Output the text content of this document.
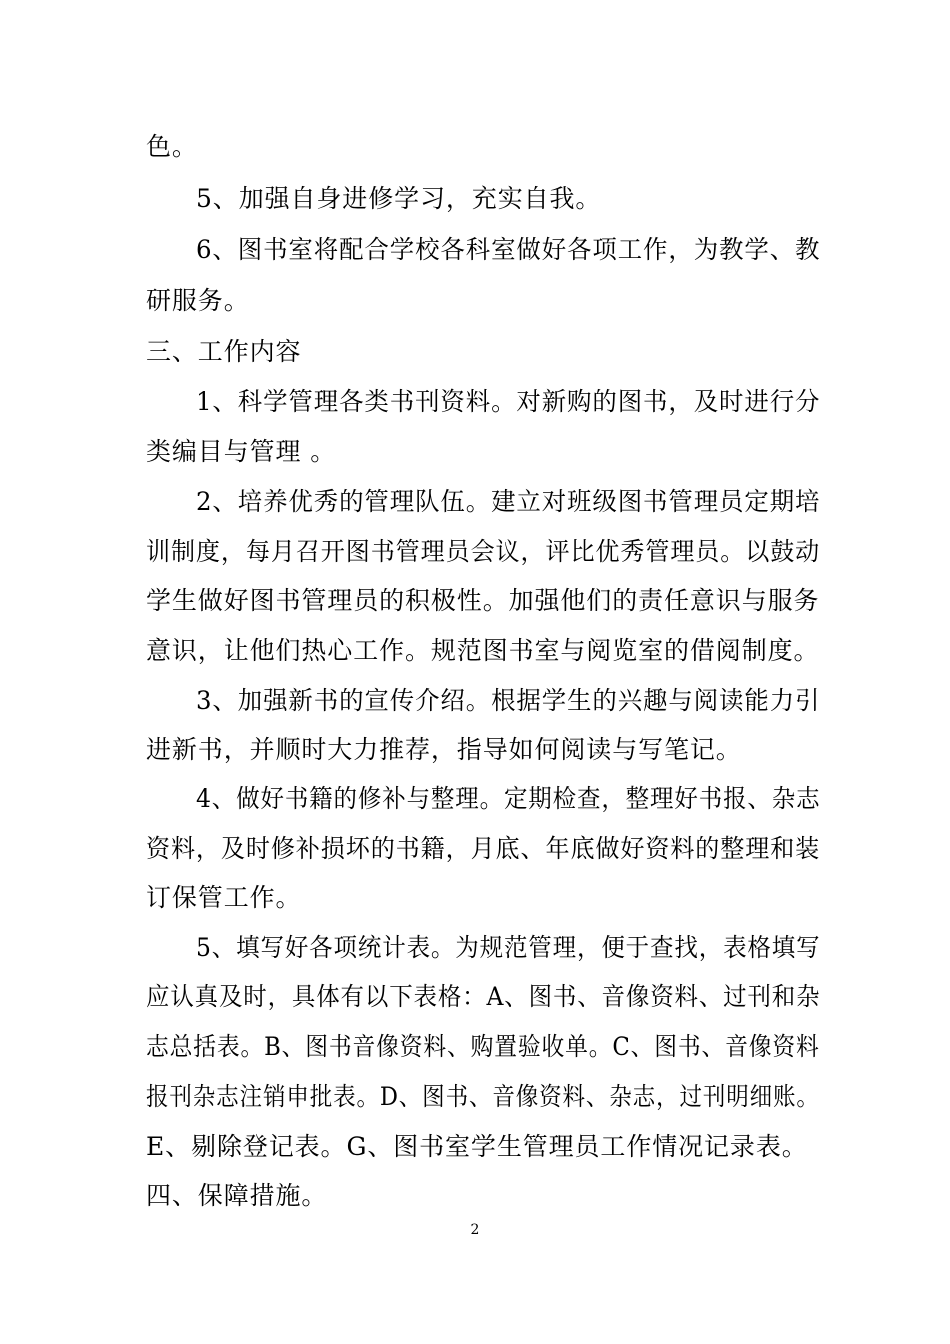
色。
5、加强自身进修学习，充实自我。
6、图书室将配合学校各科室做好各项工作，为教学、教
研服务。
三、工作内容
1、科学管理各类书刊资料。对新购的图书，及时进行分
类编目与管理 。
2、培养优秀的管理队伍。建立对班级图书管理员定期培
训制度，每月召开图书管理员会议，评比优秀管理员。以鼓动
学生做好图书管理员的积极性。加强他们的责任意识与服务
意识，让他们热心工作。规范图书室与阅览室的借阅制度。
3、加强新书的宣传介绍。根据学生的兴趣与阅读能力引
进新书，并顺时大力推荐，指导如何阅读与写笔记。
4、做好书籍的修补与整理。定期检查，整理好书报、杂志
资料，及时修补损坏的书籍，月底、年底做好资料的整理和装
订保管工作。
5、填写好各项统计表。为规范管理，便于查找，表格填写
应认真及时，具体有以下表格：A、图书、音像资料、过刊和杂
志总括表。B、图书音像资料、购置验收单。C、图书、音像资料
报刊杂志注销申批表。D、图书、音像资料、杂志，过刊明细账。
E、剔除登记表。G、图书室学生管理员工作情况记录表。
四、保障措施。
2
